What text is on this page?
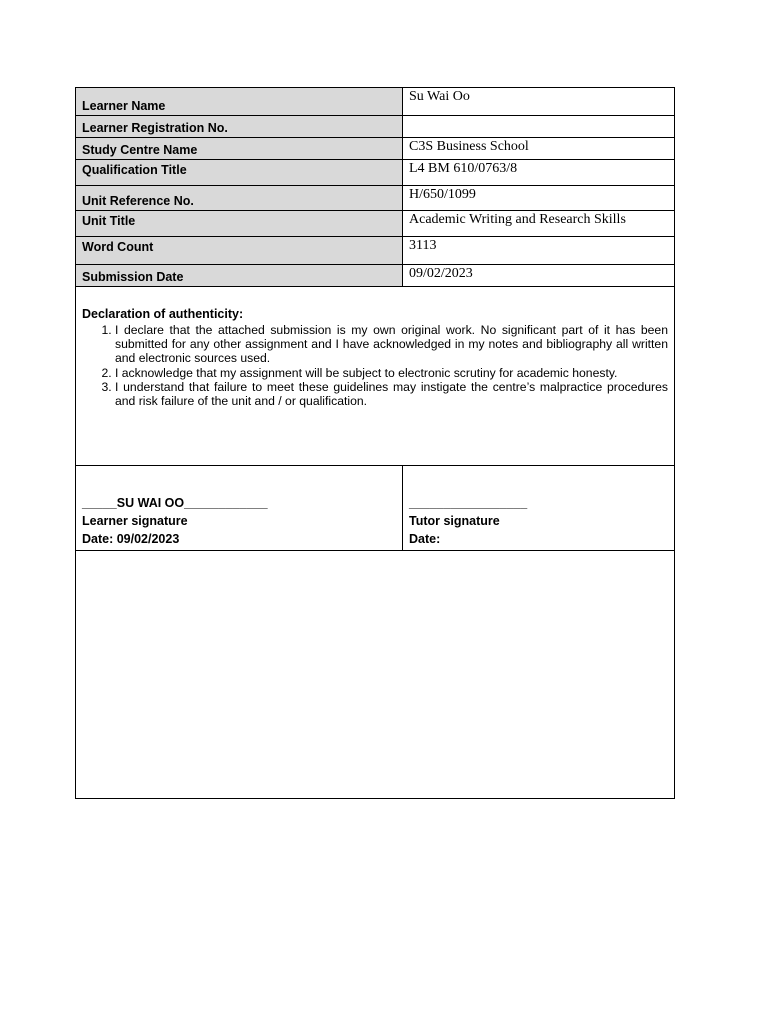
Learner Name	Su Wai Oo
Learner Registration No.	
Study Centre Name	C3S Business School
Qualification Title	L4 BM 610/0763/8
Unit Reference No.	H/650/1099
Unit Title	Academic Writing and Research Skills
Word Count	3113
Submission Date	09/02/2023
Declaration of authenticity:
1. I declare that the attached submission is my own original work. No significant part of it has been submitted for any other assignment and I have acknowledged in my notes and bibliography all written and electronic sources used.
2. I acknowledge that my assignment will be subject to electronic scrutiny for academic honesty.
3. I understand that failure to meet these guidelines may instigate the centre’s malpractice procedures and risk failure of the unit and / or qualification.
_____SU WAI OO____________
Learner signature
Date: 09/02/2023
_________________
Tutor signature
Date:
